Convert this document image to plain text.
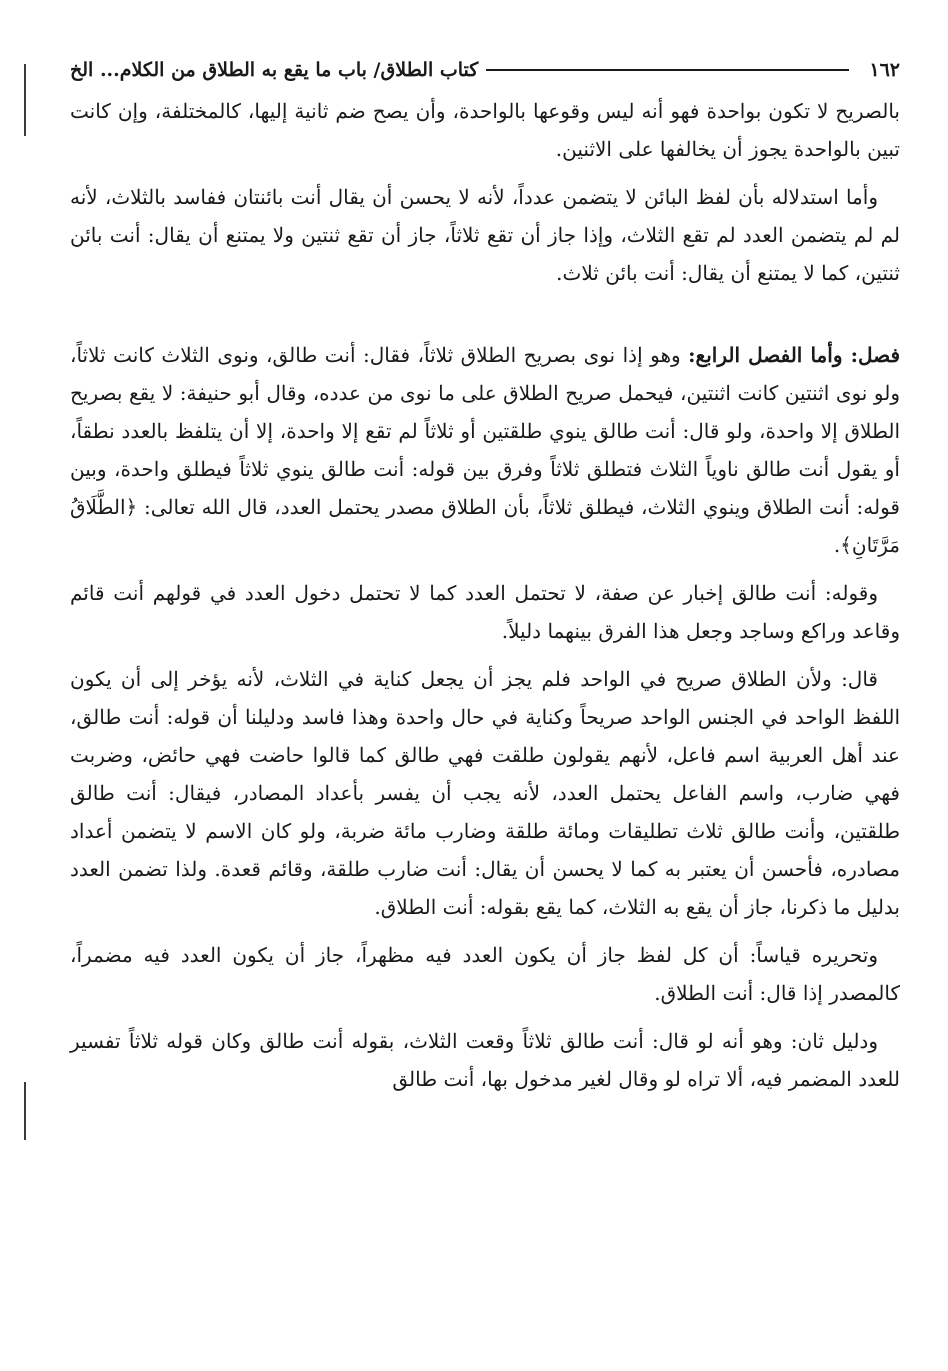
١٦٢
كتاب الطلاق/ باب ما يقع به الطلاق من الكلام... الخ

بالصريح لا تكون بواحدة فهو أنه ليس وقوعها بالواحدة، وأن يصح ضم ثانية إليها، كالمختلفة، وإن كانت تبين بالواحدة يجوز أن يخالفها على الاثنين.

وأما استدلاله بأن لفظ البائن لا يتضمن عدداً، لأنه لا يحسن أن يقال أنت بائنتان ففاسد بالثلاث، لأنه لم لم يتضمن العدد لم تقع الثلاث، وإذا جاز أن تقع ثلاثاً، جاز أن تقع ثنتين ولا يمتنع أن يقال: أنت بائن ثنتين، كما لا يمتنع أن يقال: أنت بائن ثلاث.

فصل: وأما الفصل الرابع: وهو إذا نوى بصريح الطلاق ثلاثاً، فقال: أنت طالق، ونوى الثلاث كانت ثلاثاً، ولو نوى اثنتين كانت اثنتين، فيحمل صريح الطلاق على ما نوى من عدده، وقال أبو حنيفة: لا يقع بصريح الطلاق إلا واحدة، ولو قال: أنت طالق ينوي طلقتين أو ثلاثاً لم تقع إلا واحدة، إلا أن يتلفظ بالعدد نطقاً، أو يقول أنت طالق ناوياً الثلاث فتطلق ثلاثاً وفرق بين قوله: أنت طالق ينوي ثلاثاً فيطلق واحدة، وبين قوله: أنت الطلاق وينوي الثلاث، فيطلق ثلاثاً، بأن الطلاق مصدر يحتمل العدد، قال الله تعالى: ﴿الطَّلَاقُ مَرَّتَانِ﴾.

وقوله: أنت طالق إخبار عن صفة، لا تحتمل العدد كما لا تحتمل دخول العدد في قولهم أنت قائم وقاعد وراكع وساجد وجعل هذا الفرق بينهما دليلاً.

قال: ولأن الطلاق صريح في الواحد فلم يجز أن يجعل كناية في الثلاث، لأنه يؤخر إلى أن يكون اللفظ الواحد في الجنس الواحد صريحاً وكناية في حال واحدة وهذا فاسد ودليلنا أن قوله: أنت طالق، عند أهل العربية اسم فاعل، لأنهم يقولون طلقت فهي طالق كما قالوا حاضت فهي حائض، وضربت فهي ضارب، واسم الفاعل يحتمل العدد، لأنه يجب أن يفسر بأعداد المصادر، فيقال: أنت طالق طلقتين، وأنت طالق ثلاث تطليقات ومائة طلقة وضارب مائة ضربة، ولو كان الاسم لا يتضمن أعداد مصادره، فأحسن أن يعتبر به كما لا يحسن أن يقال: أنت ضارب طلقة، وقائم قعدة. ولذا تضمن العدد بدليل ما ذكرنا، جاز أن يقع به الثلاث، كما يقع بقوله: أنت الطلاق.

وتحريره قياساً: أن كل لفظ جاز أن يكون العدد فيه مظهراً، جاز أن يكون العدد فيه مضمراً، كالمصدر إذا قال: أنت الطلاق.

ودليل ثان: وهو أنه لو قال: أنت طالق ثلاثاً وقعت الثلاث، بقوله أنت طالق وكان قوله ثلاثاً تفسير للعدد المضمر فيه، ألا تراه لو وقال لغير مدخول بها، أنت طالق
